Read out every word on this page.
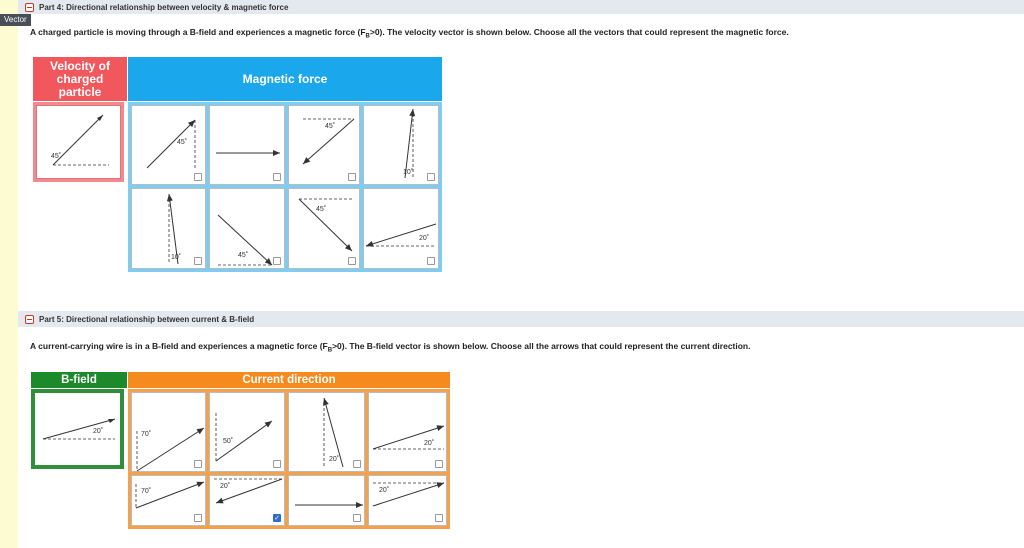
Part 4: Directional relationship between velocity & magnetic force
Vector
A charged particle is moving through a B-field and experiences a magnetic force $(F_B>0)$. The velocity vector is shown below. Choose all the vectors that could represent the magnetic force.
Velocity of charged particle
Magnetic force
45˚
45˚
45˚
10˚
10˚	45˚
45˚
20˚
Part 5: Directional relationship between current & B-field
A current-carrying wire is in a B-field and experiences a magnetic force $(F_B>0)$. The B-field vector is shown below. Choose all the arrows that could represent the current direction.
B-field	Current direction
20˚	70˚
50˚
20˚
20˚
70˚
20˚
✓
20˚
